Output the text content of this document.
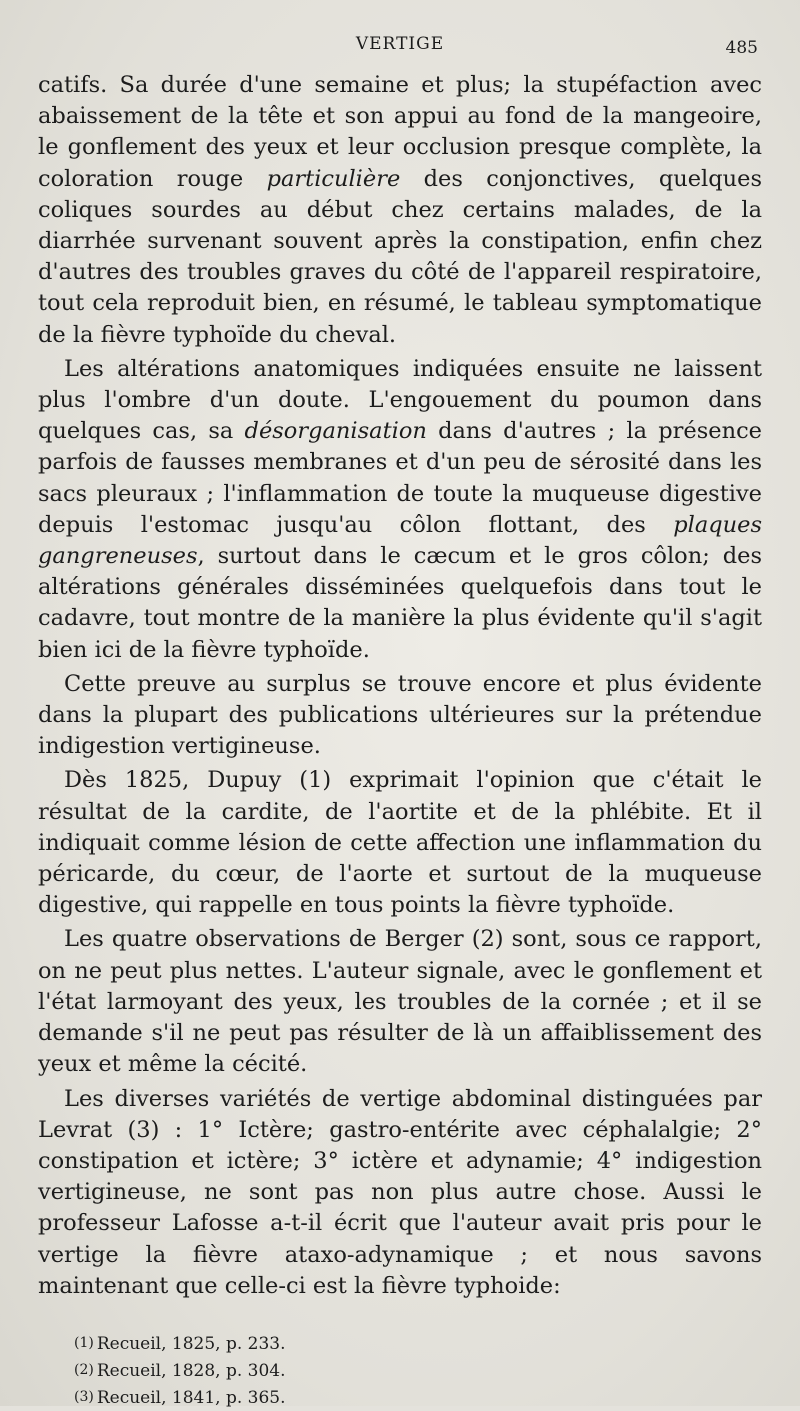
VERTIGE	485

catifs. Sa durée d'une semaine et plus; la stupéfaction avec abaissement de la tête et son appui au fond de la mangeoire, le gonflement des yeux et leur occlusion presque complète, la coloration rouge particulière des conjonctives, quelques coliques sourdes au début chez certains malades, de la diarrhée survenant souvent après la constipation, enfin chez d'autres des troubles graves du côté de l'appareil respiratoire, tout cela reproduit bien, en résumé, le tableau symptomatique de la fièvre typhoïde du cheval.

Les altérations anatomiques indiquées ensuite ne laissent plus l'ombre d'un doute. L'engouement du poumon dans quelques cas, sa désorganisation dans d'autres ; la présence parfois de fausses membranes et d'un peu de sérosité dans les sacs pleuraux ; l'inflammation de toute la muqueuse digestive depuis l'estomac jusqu'au côlon flottant, des plaques gangreneuses, surtout dans le cæcum et le gros côlon; des altérations générales disséminées quelquefois dans tout le cadavre, tout montre de la manière la plus évidente qu'il s'agit bien ici de la fièvre typhoïde.

Cette preuve au surplus se trouve encore et plus évidente dans la plupart des publications ultérieures sur la prétendue indigestion vertigineuse.

Dès 1825, Dupuy (1) exprimait l'opinion que c'était le résultat de la cardite, de l'aortite et de la phlébite. Et il indiquait comme lésion de cette affection une inflammation du péricarde, du cœur, de l'aorte et surtout de la muqueuse digestive, qui rappelle en tous points la fièvre typhoïde.

Les quatre observations de Berger (2) sont, sous ce rapport, on ne peut plus nettes. L'auteur signale, avec le gonflement et l'état larmoyant des yeux, les troubles de la cornée ; et il se demande s'il ne peut pas résulter de là un affaiblissement des yeux et même la cécité.

Les diverses variétés de vertige abdominal distinguées par Levrat (3) : 1° Ictère; gastro-entérite avec céphalalgie; 2° constipation et ictère; 3° ictère et adynamie; 4° indigestion vertigineuse, ne sont pas non plus autre chose. Aussi le professeur Lafosse a-t-il écrit que l'auteur avait pris pour le vertige la fièvre ataxo-adynamique ; et nous savons maintenant que celle-ci est la fièvre typhoide:

(1) Recueil, 1825, p. 233.
(2) Recueil, 1828, p. 304.
(3) Recueil, 1841, p. 365.
